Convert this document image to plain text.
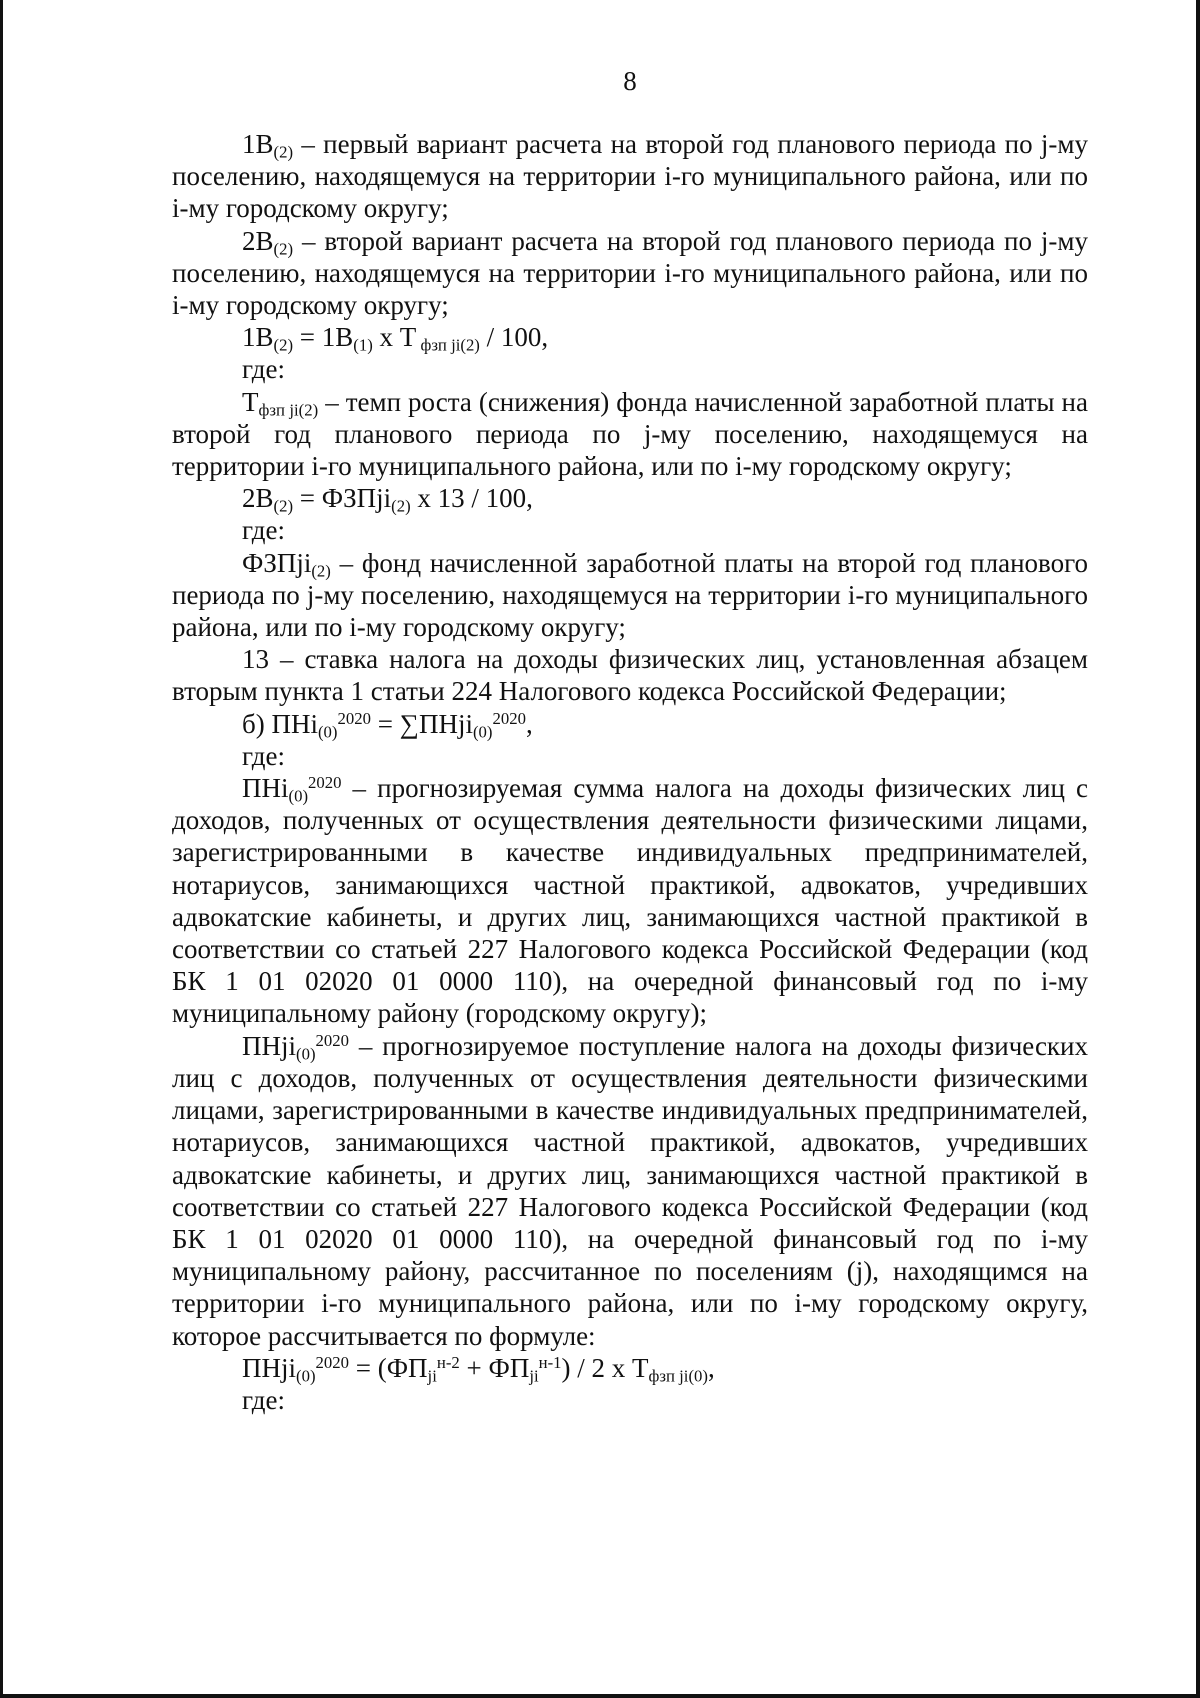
8

$1В_{(2)}$ – первый вариант расчета на второй год планового периода по j-му поселению, находящемуся на территории i-го муниципального района, или по i-му городскому округу;

$2В_{(2)}$ – второй вариант расчета на второй год планового периода по j-му поселению, находящемуся на территории i-го муниципального района, или по i-му городскому округу;

$1В_{(2)} = 1В_{(1)}$ х Т $_{фзп ji(2)}$ / 100,

где:

$Т_{фзп ji(2)}$ – темп роста (снижения) фонда начисленной заработной платы на второй год планового периода по j-му поселению, находящемуся на территории i-го муниципального района, или по i-му городскому округу;

$2В_{(2)}$ = ФЗПji$_{(2)}$ х 13 / 100,

где:

ФЗПji$_{(2)}$ – фонд начисленной заработной платы на второй год планового периода по j-му поселению, находящемуся на территории i-го муниципального района, или по i-му городскому округу;

13 – ставка налога на доходы физических лиц, установленная абзацем вторым пункта 1 статьи 224 Налогового кодекса Российской Федерации;

б) ПНi$_{(0)}^{2020}$ = ∑ПНji$_{(0)}^{2020}$,

где:

ПНi$_{(0)}^{2020}$ – прогнозируемая сумма налога на доходы физических лиц с доходов, полученных от осуществления деятельности физическими лицами, зарегистрированными в качестве индивидуальных предпринимателей, нотариусов, занимающихся частной практикой, адвокатов, учредивших адвокатские кабинеты, и других лиц, занимающихся частной практикой в соответствии со статьей 227 Налогового кодекса Российской Федерации (код БК 1 01 02020 01 0000 110), на очередной финансовый год по i-му муниципальному району (городскому округу);

ПНji$_{(0)}^{2020}$ – прогнозируемое поступление налога на доходы физических лиц с доходов, полученных от осуществления деятельности физическими лицами, зарегистрированными в качестве индивидуальных предпринимателей, нотариусов, занимающихся частной практикой, адвокатов, учредивших адвокатские кабинеты, и других лиц, занимающихся частной практикой в соответствии со статьей 227 Налогового кодекса Российской Федерации (код БК 1 01 02020 01 0000 110), на очередной финансовый год по i-му муниципальному району, рассчитанное по поселениям (j), находящимся на территории i-го муниципального района, или по i-му городскому округу, которое рассчитывается по формуле:

ПНji$_{(0)}^{2020}$ = $(ФП_{ji}^{н-2} + ФП_{ji}^{н-1}) / 2$ х $Т_{фзп ji(0)}$,

где:
